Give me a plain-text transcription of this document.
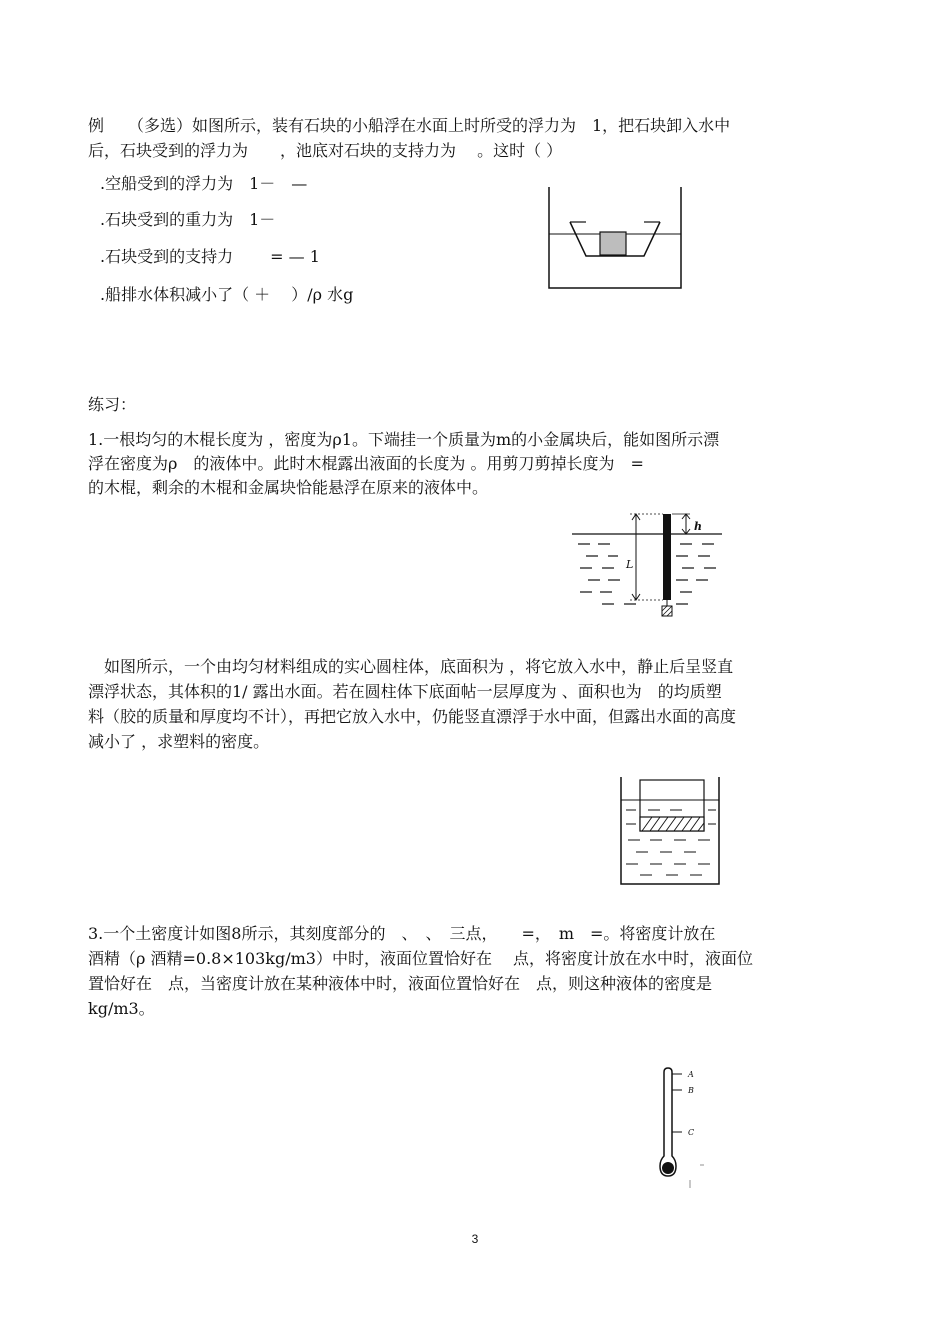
例　　（多选）如图所示，装有石块的小船浮在水面上时所受的浮力为　1，把石块卸入水中
后，石块受到的浮力为　　，池底对石块的支持力为　 。这时（ ）
.空船受到的浮力为　1－　—
.石块受到的重力为　1－
.石块受到的支持力　　 = — 1
.船排水体积减小了（ ＋　 ）/ρ 水g
练习：
1.一根均匀的木棍长度为 ，密度为ρ1。下端挂一个质量为m的小金属块后，能如图所示漂
浮在密度为ρ　的液体中。此时木棍露出液面的长度为 。用剪刀剪掉长度为　=
的木棍，剩余的木棍和金属块恰能悬浮在原来的液体中。
L
h
　如图所示，一个由均匀材料组成的实心圆柱体，底面积为 ，将它放入水中，静止后呈竖直
漂浮状态，其体积的1/ 露出水面。若在圆柱体下底面帖一层厚度为 、面积也为　的均质塑
料（胶的质量和厚度均不计），再把它放入水中，仍能竖直漂浮于水中面，但露出水面的高度
减小了 ，求塑料的密度。
3.一个土密度计如图8所示，其刻度部分的　、　、　三点，　　=，　m　=。将密度计放在
酒精（ρ 酒精=0.8×103kg/m3）中时，液面位置恰好在　 点，将密度计放在水中时，液面位
置恰好在　点，当密度计放在某种液体中时，液面位置恰好在　点，则这种液体的密度是
kg/m3。
A
B
C
3
